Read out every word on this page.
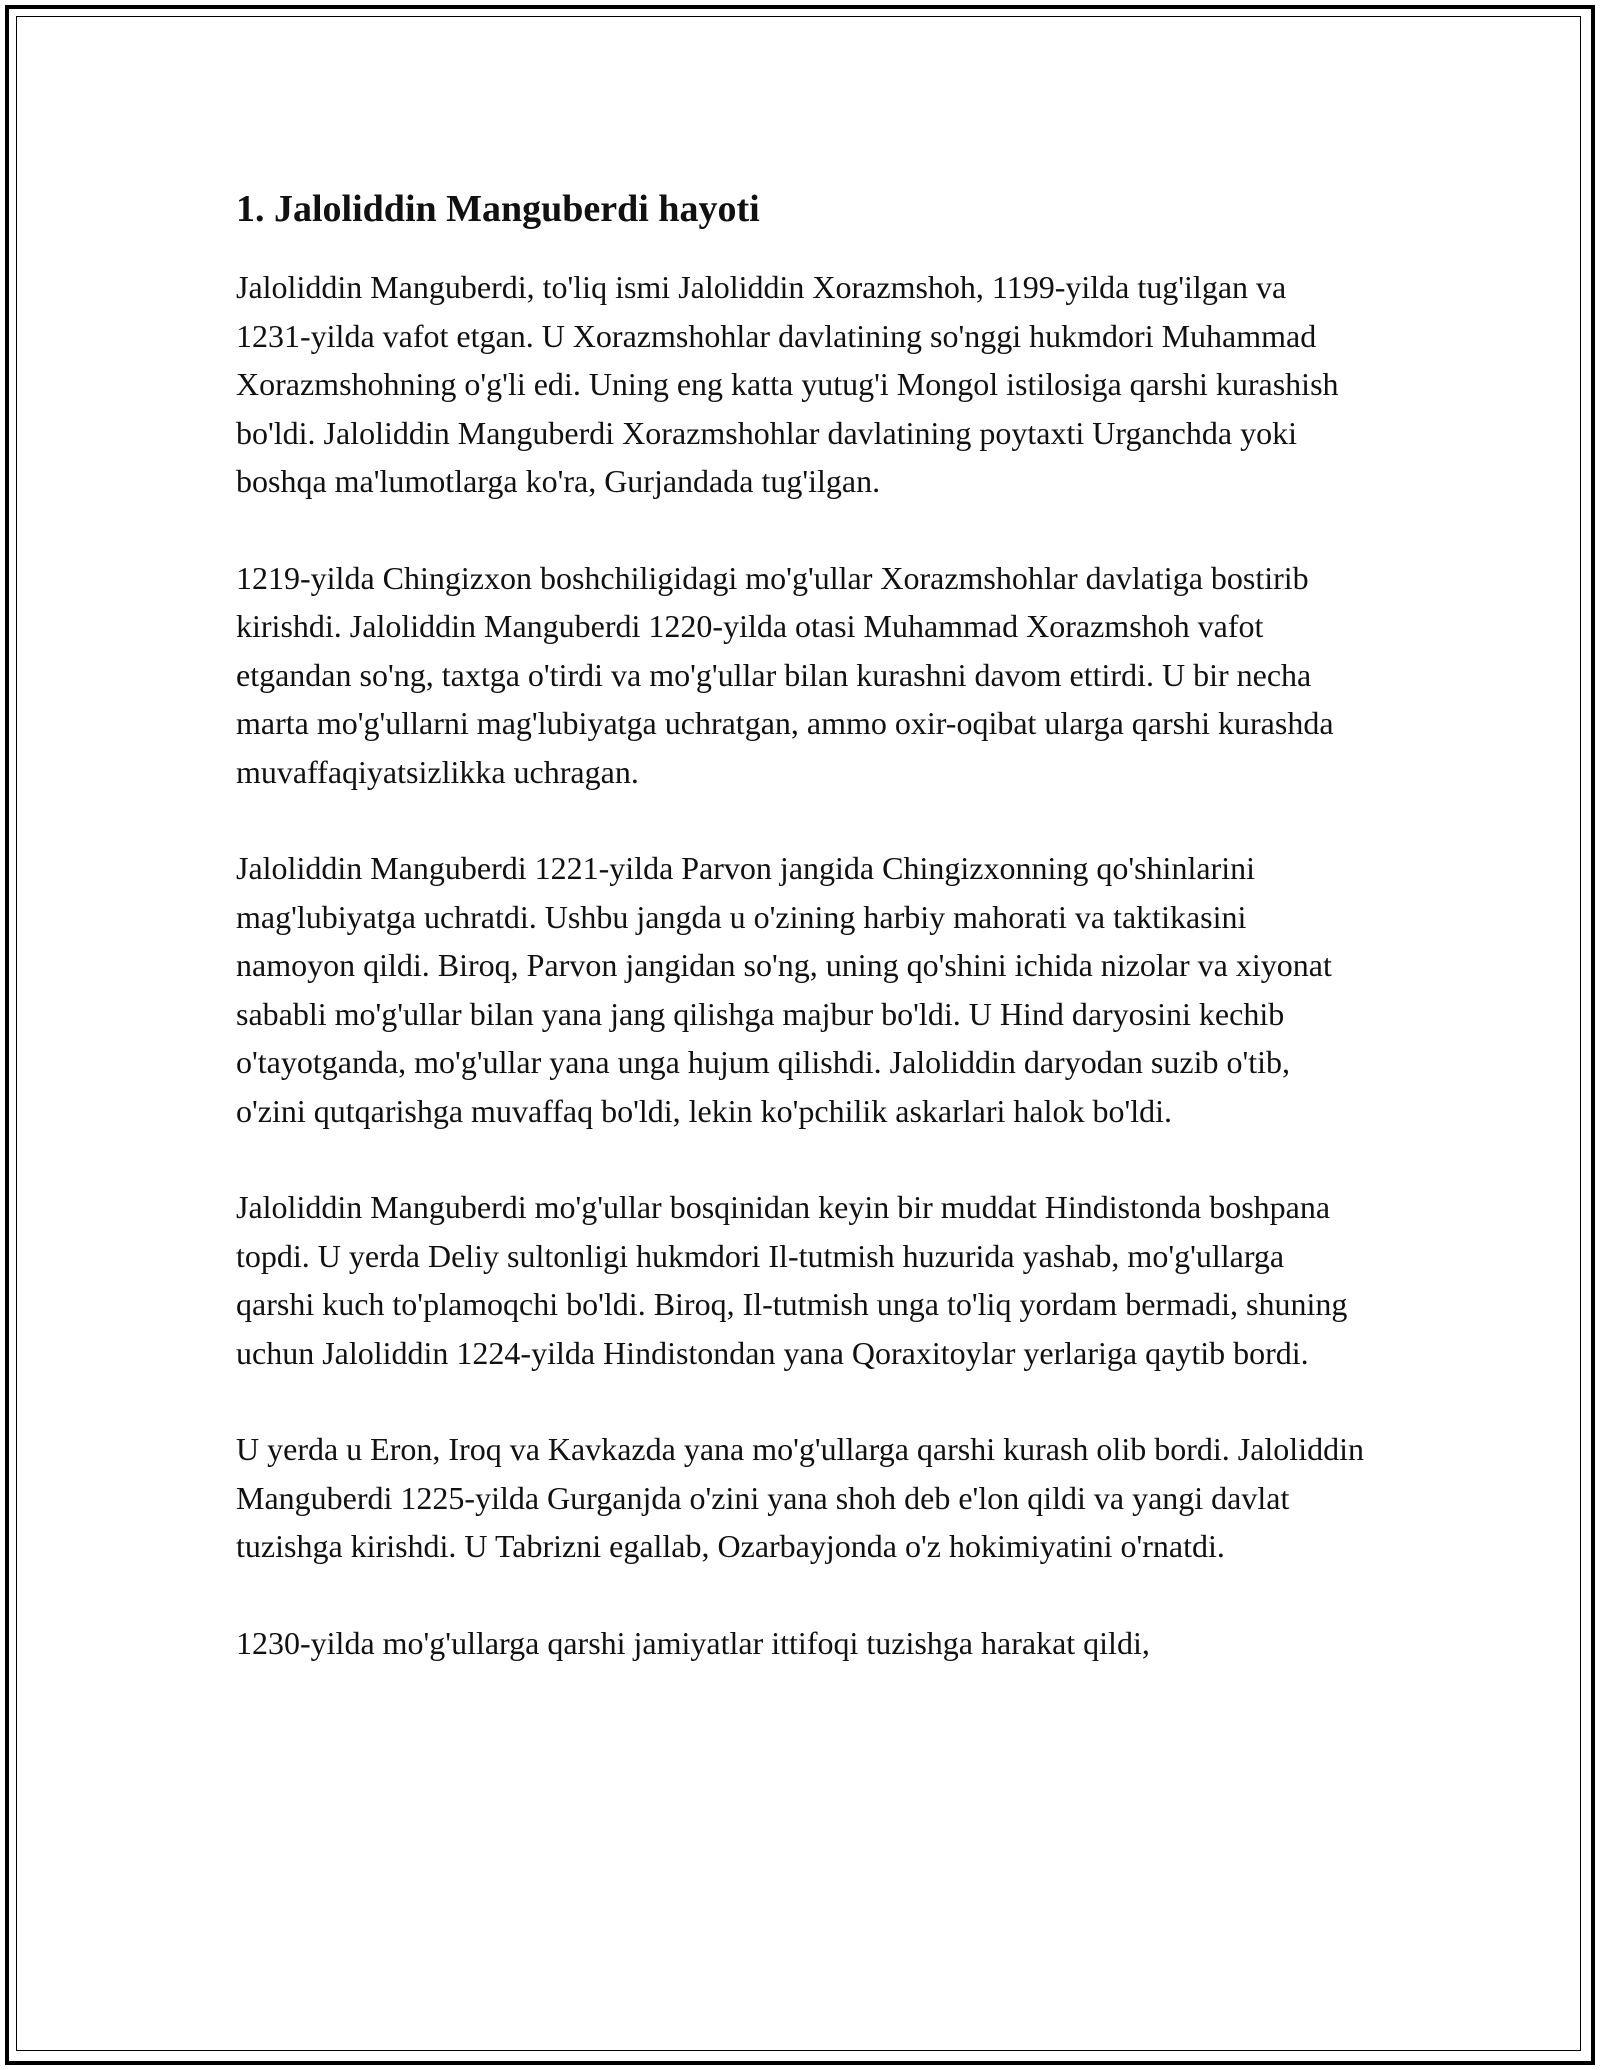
1. Jaloliddin Manguberdi hayoti

Jaloliddin Manguberdi, to'liq ismi Jaloliddin Xorazmshoh, 1199-yilda tug'ilgan va 1231-yilda vafot etgan. U Xorazmshohlar davlatining so'nggi hukmdori Muhammad Xorazmshohning o'g'li edi. Uning eng katta yutug'i Mongol istilosiga qarshi kurashish bo'ldi. Jaloliddin Manguberdi Xorazmshohlar davlatining poytaxti Urganchda yoki boshqa ma'lumotlarga ko'ra, Gurjandada tug'ilgan.

1219-yilda Chingizxon boshchiligidagi mo'g'ullar Xorazmshohlar davlatiga bostirib kirishdi. Jaloliddin Manguberdi 1220-yilda otasi Muhammad Xorazmshoh vafot etgandan so'ng, taxtga o'tirdi va mo'g'ullar bilan kurashni davom ettirdi. U bir necha marta mo'g'ullarni mag'lubiyatga uchratgan, ammo oxir-oqibat ularga qarshi kurashda muvaffaqiyatsizlikka uchragan.

Jaloliddin Manguberdi 1221-yilda Parvon jangida Chingizxonning qo'shinlarini mag'lubiyatga uchratdi. Ushbu jangda u o'zining harbiy mahorati va taktikasini namoyon qildi. Biroq, Parvon jangidan so'ng, uning qo'shini ichida nizolar va xiyonat sababli mo'g'ullar bilan yana jang qilishga majbur bo'ldi. U Hind daryosini kechib o'tayotganda, mo'g'ullar yana unga hujum qilishdi. Jaloliddin daryodan suzib o'tib, o'zini qutqarishga muvaffaq bo'ldi, lekin ko'pchilik askarlari halok bo'ldi.

Jaloliddin Manguberdi mo'g'ullar bosqinidan keyin bir muddat Hindistonda boshpana topdi. U yerda Deliy sultonligi hukmdori Il-tutmish huzurida yashab, mo'g'ullarga qarshi kuch to'plamoqchi bo'ldi. Biroq, Il-tutmish unga to'liq yordam bermadi, shuning uchun Jaloliddin 1224-yilda Hindistondan yana Qoraxitoylar yerlariga qaytib bordi.

U yerda u Eron, Iroq va Kavkazda yana mo'g'ullarga qarshi kurash olib bordi. Jaloliddin Manguberdi 1225-yilda Gurganjda o'zini yana shoh deb e'lon qildi va yangi davlat tuzishga kirishdi. U Tabrizni egallab, Ozarbayjonda o'z hokimiyatini o'rnatdi.

1230-yilda mo'g'ullarga qarshi jamiyatlar ittifoqi tuzishga harakat qildi,
